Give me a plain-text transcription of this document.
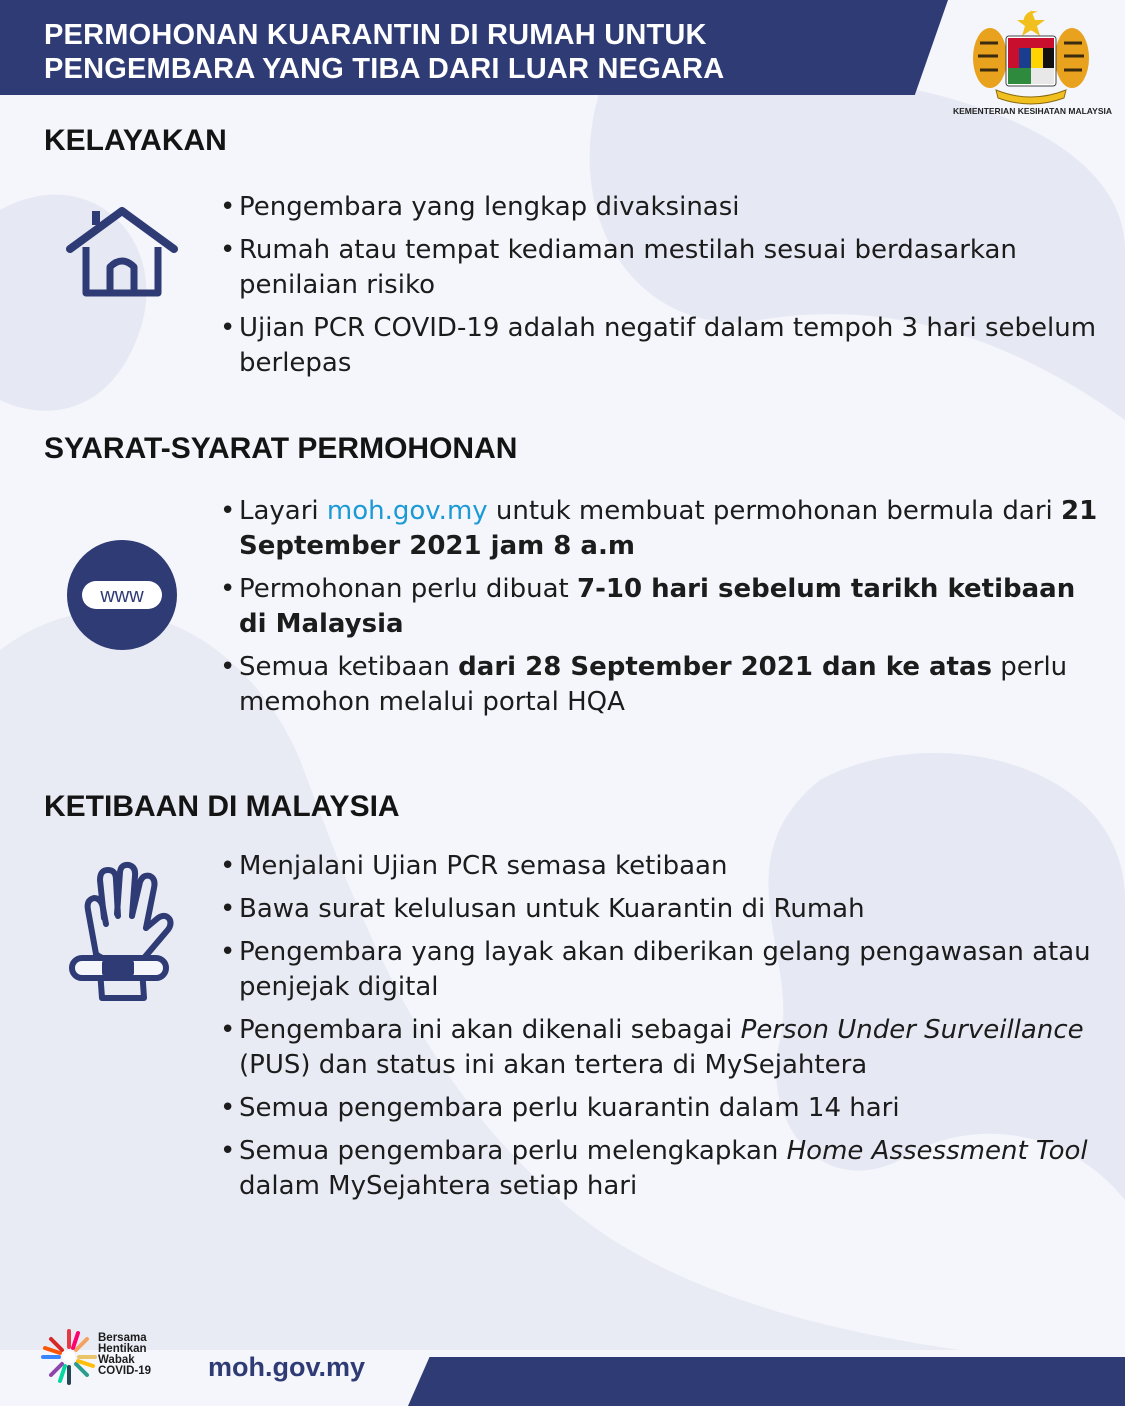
PERMOHONAN KUARANTIN DI RUMAH UNTUK PENGEMBARA YANG TIBA DARI LUAR NEGARA
KEMENTERIAN KESIHATAN MALAYSIA
KELAYAKAN
• Pengembara yang lengkap divaksinasi
• Rumah atau tempat kediaman mestilah sesuai berdasarkan penilaian risiko
• Ujian PCR COVID-19 adalah negatif dalam tempoh 3 hari sebelum berlepas
SYARAT-SYARAT PERMOHONAN
www
• Layari moh.gov.my untuk membuat permohonan bermula dari 21 September 2021 jam 8 a.m
• Permohonan perlu dibuat 7-10 hari sebelum tarikh ketibaan di Malaysia
• Semua ketibaan dari 28 September 2021 dan ke atas perlu memohon melalui portal HQA
KETIBAAN DI MALAYSIA
• Menjalani Ujian PCR semasa ketibaan
• Bawa surat kelulusan untuk Kuarantin di Rumah
• Pengembara yang layak akan diberikan gelang pengawasan atau penjejak digital
• Pengembara ini akan dikenali sebagai Person Under Surveillance (PUS) dan status ini akan tertera di MySejahtera
• Semua pengembara perlu kuarantin dalam 14 hari
• Semua pengembara perlu melengkapkan Home Assessment Tool dalam MySejahtera setiap hari
Bersama
Hentikan
Wabak
COVID-19 moh.gov.my
